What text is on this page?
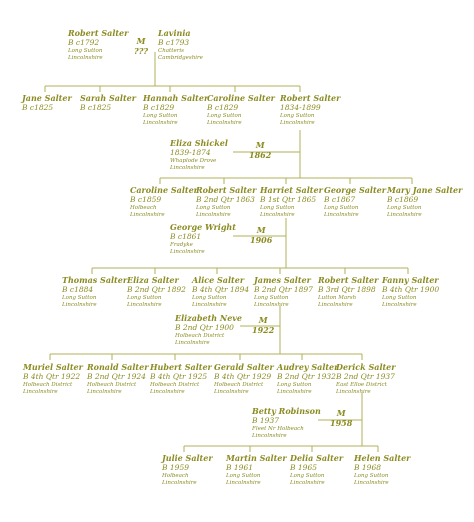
Robert Salter
B c1792
Long Sutton
Lincolnshire
M
???
Lavinia
B c1793
Chatteris
Cambridgeshire
Jane Salter
B c1825
Sarah Salter
B c1825
Hannah Salter
B c1829
Long Sutton
Lincolnshire
Caroline Salter
B c1829
Long Sutton
Lincolnshire
Robert Salter
1834-1899
Long Sutton
Lincolnshire
Eliza Shickel
1839-1874
Whaplode Drove
Lincolnshire
M
1862
Caroline Salter
B c1859
Holbeach
Lincolnshire
Robert Salter
B 2nd Qtr 1863
Long Sutton
Lincolnshire
Harriet Salter
B 1st Qtr 1865
Long Sutton
Lincolnshire
George Salter
B c1867
Long Sutton
Lincolnshire
Mary Jane Salter
B c1869
Long Sutton
Lincolnshire
George Wright
B c1861
Fradyke
Lincolnshire
M
1906
Thomas Salter
B c1884
Long Sutton
Lincolnshire
Eliza Salter
B 2nd Qtr 1892
Long Sutton
Lincolnshire
Alice Salter
B 4th Qtr 1894
Long Sutton
Lincolnshire
James Salter
B 2nd Qtr 1897
Long Sutton
Lincolnshire
Robert Salter
B 3rd Qtr 1898
Lutton Marsh
Lincolnshire
Fanny Salter
B 4th Qtr 1900
Long Sutton
Lincolnshire
Elizabeth Neve
B 2nd Qtr 1900
Holbeach District
Lincolnshire
M
1922
Muriel Salter
B 4th Qtr 1922
Holbeach District
Lincolnshire
Ronald Salter
B 2nd Qtr 1924
Holbeach District
Lincolnshire
Hubert Salter
B 4th Qtr 1925
Holbeach District
Lincolnshire
Gerald Salter
B 4th Qtr 1929
Holbeach District
Lincolnshire
Audrey Salter
B 2nd Qtr 1932
Long Sutton
Lincolnshire
Derick Salter
B 2nd Qtr 1937
East Elloe District
Lincolnshire
Betty Robinson
B 1937
Fleet Nr Holbeach
Lincolnshire
M
1958
Julie Salter
B 1959
Holbeach
Lincolnshire
Martin Salter
B 1961
Long Sutton
Lincolnshire
Delia Salter
B 1965
Long Sutton
Lincolnshire
Helen Salter
B 1968
Long Sutton
Lincolnshire
